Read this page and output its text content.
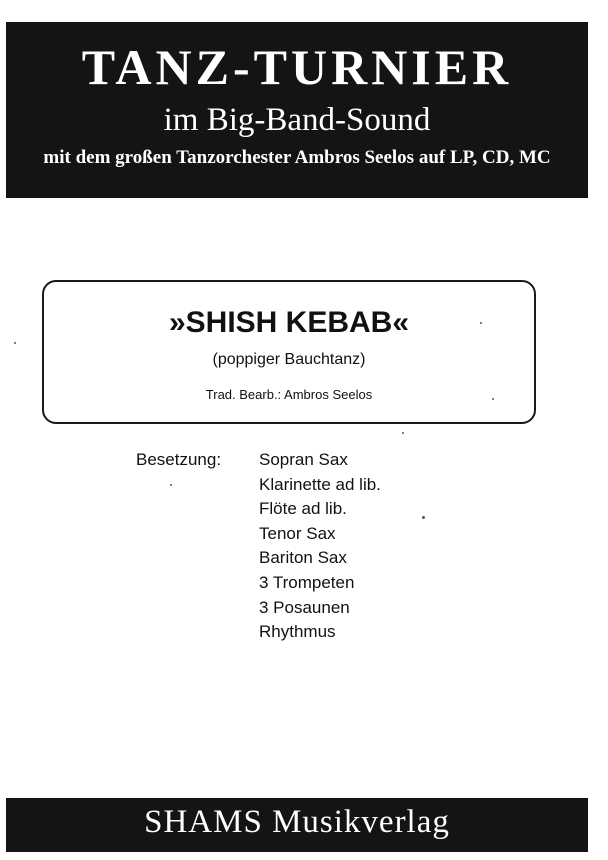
TANZ-TURNIER
im Big-Band-Sound
mit dem großen Tanzorchester Ambros Seelos auf LP, CD, MC
»SHISH KEBAB«
(poppiger Bauchtanz)
Trad. Bearb.: Ambros Seelos
Besetzung: Sopran Sax
Klarinette ad lib.
Flöte ad lib.
Tenor Sax
Bariton Sax
3 Trompeten
3 Posaunen
Rhythmus
SHAMS Musikverlag
